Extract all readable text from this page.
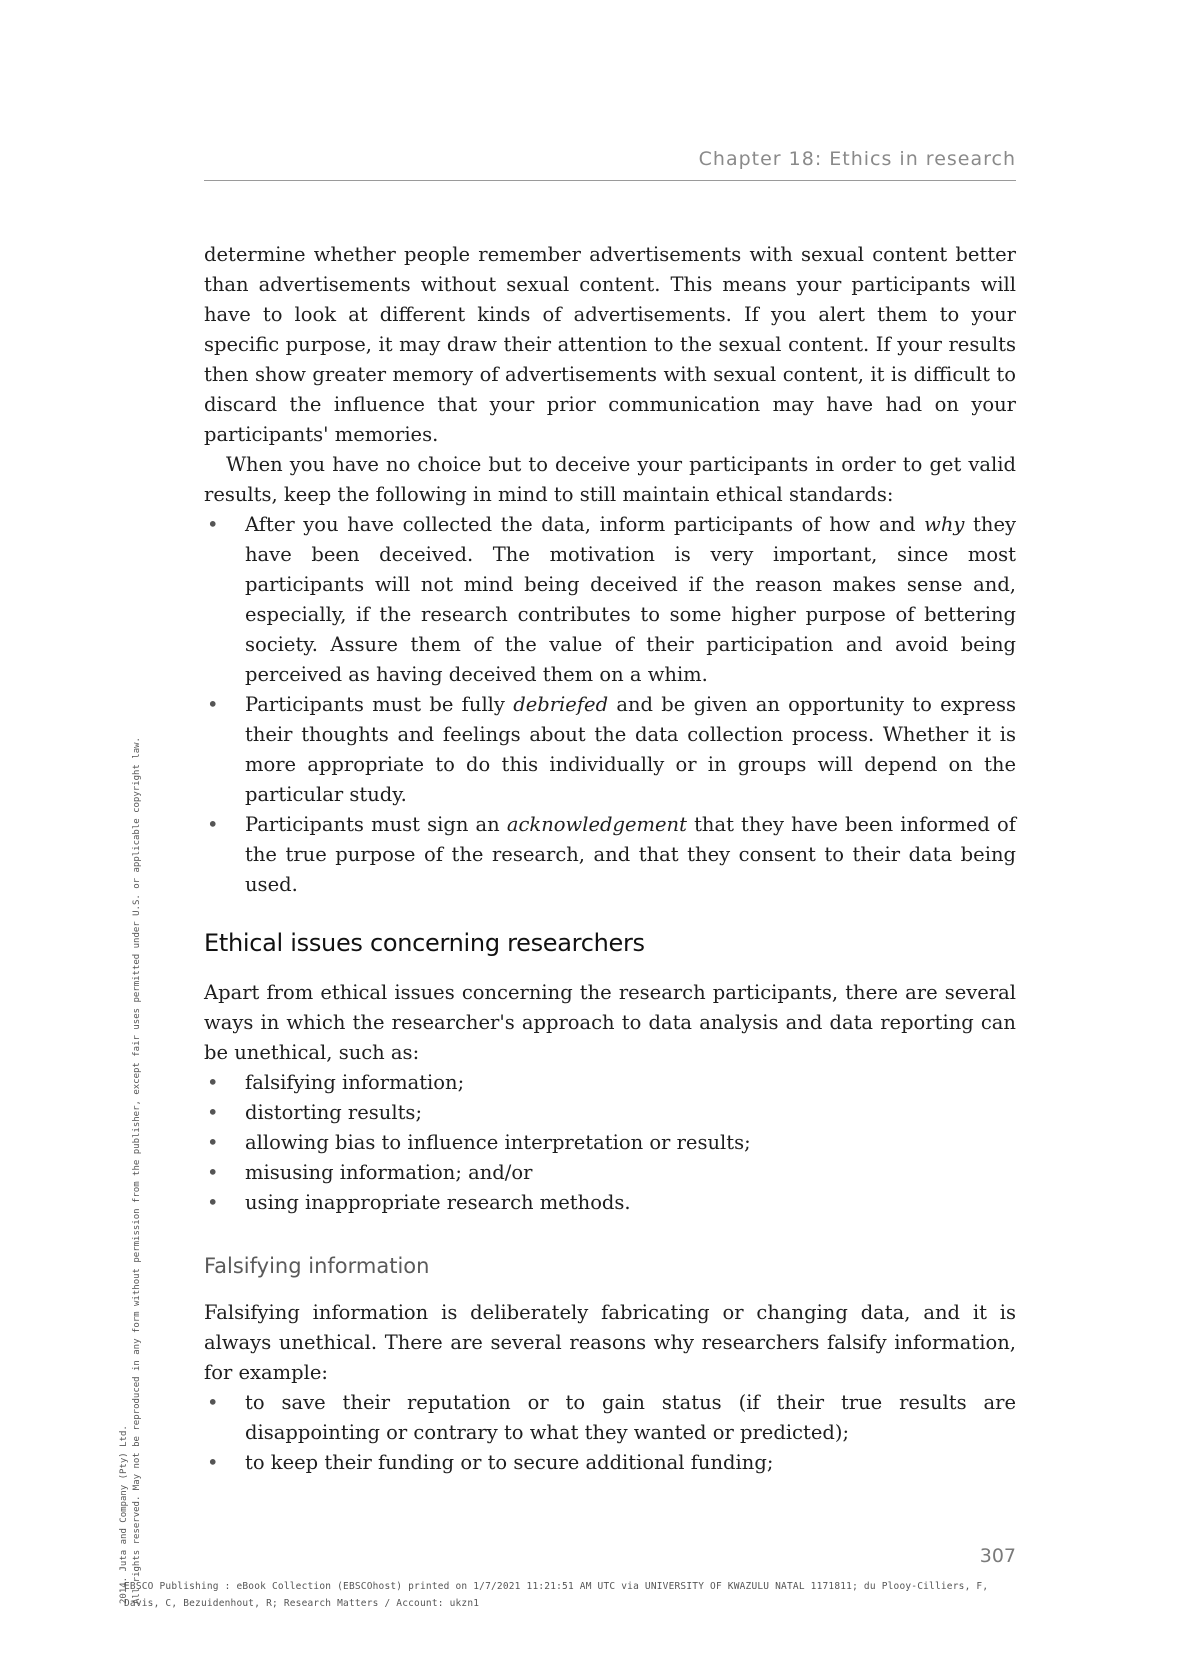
Chapter 18: Ethics in research

determine whether people remember advertisements with sexual content better than advertisements without sexual content. This means your participants will have to look at different kinds of advertisements. If you alert them to your specific purpose, it may draw their attention to the sexual content. If your results then show greater memory of advertisements with sexual content, it is difficult to discard the influence that your prior communication may have had on your participants' memories.

When you have no choice but to deceive your participants in order to get valid results, keep the following in mind to still maintain ethical standards:

• After you have collected the data, inform participants of how and why they have been deceived. The motivation is very important, since most participants will not mind being deceived if the reason makes sense and, especially, if the research contributes to some higher purpose of bettering society. Assure them of the value of their participation and avoid being perceived as having deceived them on a whim.
• Participants must be fully debriefed and be given an opportunity to express their thoughts and feelings about the data collection process. Whether it is more appropriate to do this individually or in groups will depend on the particular study.
• Participants must sign an acknowledgement that they have been informed of the true purpose of the research, and that they consent to their data being used.
Ethical issues concerning researchers

Apart from ethical issues concerning the research participants, there are several ways in which the researcher's approach to data analysis and data reporting can be unethical, such as:

• falsifying information;
• distorting results;
• allowing bias to influence interpretation or results;
• misusing information; and/or
• using inappropriate research methods.
Falsifying information

Falsifying information is deliberately fabricating or changing data, and it is always unethical. There are several reasons why researchers falsify information, for example:

• to save their reputation or to gain status (if their true results are disappointing or contrary to what they wanted or predicted);
• to keep their funding or to secure additional funding;
307
EBSCO Publishing : eBook Collection (EBSCOhost) printed on 1/7/2021 11:21:51 AM UTC via UNIVERSITY OF KWAZULU NATAL 1171811; du Plooy-Cilliers, F,
Davis, C, Bezuidenhout, R; Research Matters / Account: ukzn1
2014. Juta and Company (Pty) Ltd. All rights reserved. May not be reproduced in any form without permission from the publisher, except fair uses permitted under U.S. or applicable copyright law.
